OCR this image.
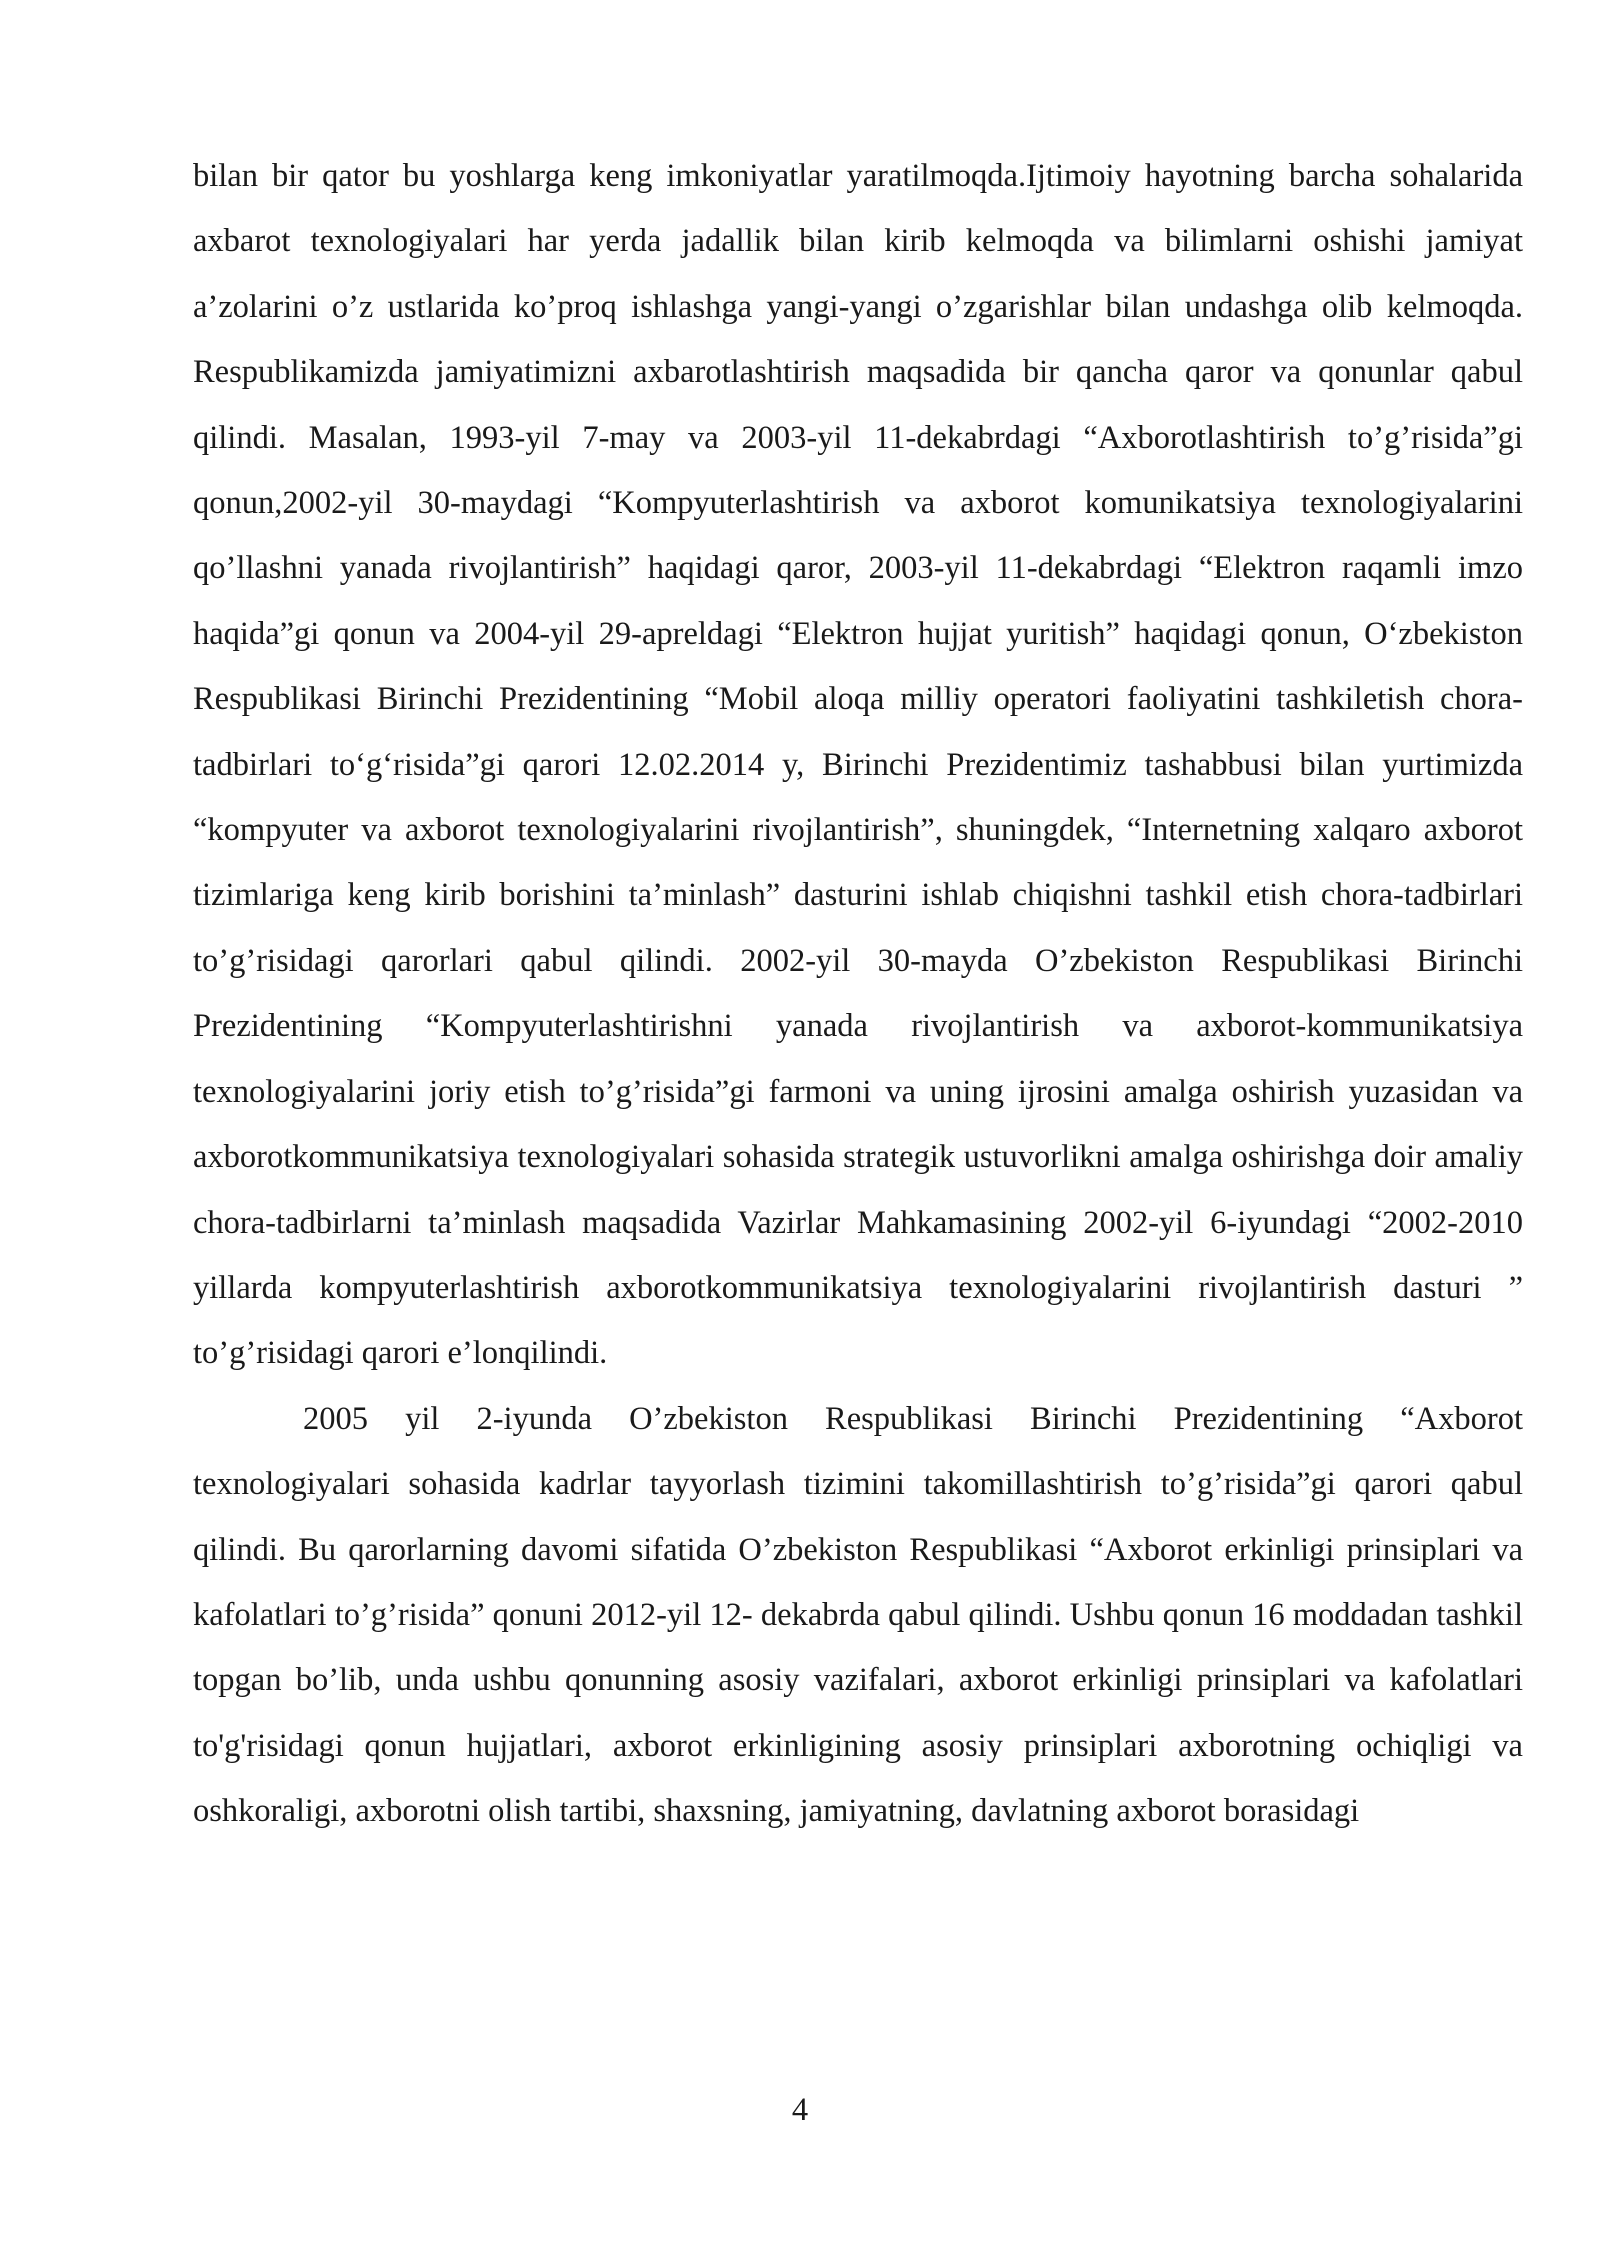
bilan bir qator bu yoshlarga keng imkoniyatlar yaratilmoqda.Ijtimoiy hayotning barcha sohalarida axbarot texnologiyalari har yerda jadallik bilan kirib kelmoqda va bilimlarni oshishi jamiyat a’zolarini o’z ustlarida ko’proq ishlashga yangi-yangi o’zgarishlar bilan undashga olib kelmoqda. Respublikamizda jamiyatimizni axbarotlashtirish maqsadida bir qancha qaror va qonunlar qabul qilindi. Masalan, 1993-yil 7-may va 2003-yil 11-dekabrdagi “Axborotlashtirish to’g’risida”gi qonun,2002-yil 30-maydagi “Kompyuterlashtirish va axborot komunikatsiya texnologiyalarini qo’llashni yanada rivojlantirish” haqidagi qaror, 2003-yil 11-dekabrdagi “Elektron raqamli imzo haqida”gi qonun va 2004-yil 29-apreldagi “Elektron hujjat yuritish” haqidagi qonun, O‘zbekiston Respublikasi Birinchi Prezidentining “Mobil aloqa milliy operatori faoliyatini tashkiletish chora-tadbirlari to‘g‘risida”gi qarori 12.02.2014 y, Birinchi Prezidentimiz tashabbusi bilan yurtimizda “kompyuter va axborot texnologiyalarini rivojlantirish”, shuningdek, “Internetning xalqaro axborot tizimlariga keng kirib borishini ta’minlash” dasturini ishlab chiqishni tashkil etish chora-tadbirlari to’g’risidagi qarorlari qabul qilindi. 2002-yil 30-mayda O’zbekiston Respublikasi Birinchi Prezidentining “Kompyuterlashtirishni yanada rivojlantirish va axborot-kommunikatsiya texnologiyalarini joriy etish to’g’risida”gi farmoni va uning ijrosini amalga oshirish yuzasidan va axborotkommunikatsiya texnologiyalari sohasida strategik ustuvorlikni amalga oshirishga doir amaliy chora-tadbirlarni ta’minlash maqsadida Vazirlar Mahkamasining 2002-yil 6-iyundagi “2002-2010 yillarda kompyuterlashtirish axborotkommunikatsiya texnologiyalarini rivojlantirish dasturi ” to’g’risidagi qarori e’lonqilindi.

2005 yil 2-iyunda O’zbekiston Respublikasi Birinchi Prezidentining “Axborot texnologiyalari sohasida kadrlar tayyorlash tizimini takomillashtirish to’g’risida”gi qarori qabul qilindi. Bu qarorlarning davomi sifatida O’zbekiston Respublikasi “Axborot erkinligi prinsiplari va kafolatlari to’g’risida” qonuni 2012-yil 12- dekabrda qabul qilindi. Ushbu qonun 16 moddadan tashkil topgan bo’lib, unda ushbu qonunning asosiy vazifalari, axborot erkinligi prinsiplari va kafolatlari to'g'risidagi qonun hujjatlari, axborot erkinligining asosiy prinsiplari axborotning ochiqligi va oshkoraligi, axborotni olish tartibi, shaxsning, jamiyatning, davlatning axborot borasidagi

4
